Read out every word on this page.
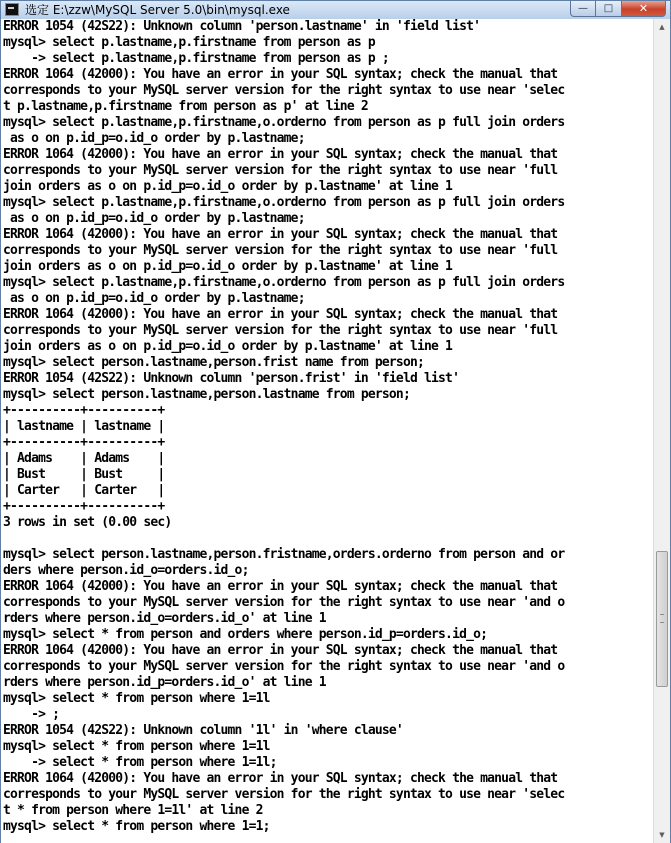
选定 E:\zzw\MySQL Server 5.0\bin\mysql.exe	— □ ✕
ERROR 1054 (42S22): Unknown column 'person.lastname' in 'field list'
mysql> select p.lastname,p.firstname from person as p
-> select p.lastname,p.firstname from person as p ;
ERROR 1064 (42000): You have an error in your SQL syntax; check the manual that
corresponds to your MySQL server version for the right syntax to use near 'selec
t p.lastname,p.firstname from person as p' at line 2
mysql> select p.lastname,p.firstname,o.orderno from person as p full join orders
as o on p.id_p=o.id_o order by p.lastname;
ERROR 1064 (42000): You have an error in your SQL syntax; check the manual that
corresponds to your MySQL server version for the right syntax to use near 'full
join orders as o on p.id_p=o.id_o order by p.lastname' at line 1
mysql> select p.lastname,p.firstname,o.orderno from person as p full join orders
as o on p.id_p=o.id_o order by p.lastname;
ERROR 1064 (42000): You have an error in your SQL syntax; check the manual that
corresponds to your MySQL server version for the right syntax to use near 'full
join orders as o on p.id_p=o.id_o order by p.lastname' at line 1
mysql> select p.lastname,p.firstname,o.orderno from person as p full join orders
as o on p.id_p=o.id_o order by p.lastname;
ERROR 1064 (42000): You have an error in your SQL syntax; check the manual that
corresponds to your MySQL server version for the right syntax to use near 'full
join orders as o on p.id_p=o.id_o order by p.lastname' at line 1
mysql> select person.lastname,person.frist name from person;
ERROR 1054 (42S22): Unknown column 'person.frist' in 'field list'
mysql> select person.lastname,person.lastname from person;
+----------+----------+
| lastname | lastname |
+----------+----------+
| Adams    | Adams    |
| Bust     | Bust     |
| Carter   | Carter   |
+----------+----------+
3 rows in set (0.00 sec)
mysql> select person.lastname,person.fristname,orders.orderno from person and or
ders where person.id_o=orders.id_o;
ERROR 1064 (42000): You have an error in your SQL syntax; check the manual that
corresponds to your MySQL server version for the right syntax to use near 'and o
rders where person.id_o=orders.id_o' at line 1
mysql> select * from person and orders where person.id_p=orders.id_o;
ERROR 1064 (42000): You have an error in your SQL syntax; check the manual that
corresponds to your MySQL server version for the right syntax to use near 'and o
rders where person.id_p=orders.id_o' at line 1
mysql> select * from person where 1=1l
-> ;
ERROR 1054 (42S22): Unknown column '1l' in 'where clause'
mysql> select * from person where 1=1l
-> select * from person where 1=1l;
ERROR 1064 (42000): You have an error in your SQL syntax; check the manual that
corresponds to your MySQL server version for the right syntax to use near 'selec
t * from person where 1=1l' at line 2
mysql> select * from person where 1=1;
▲
▼
